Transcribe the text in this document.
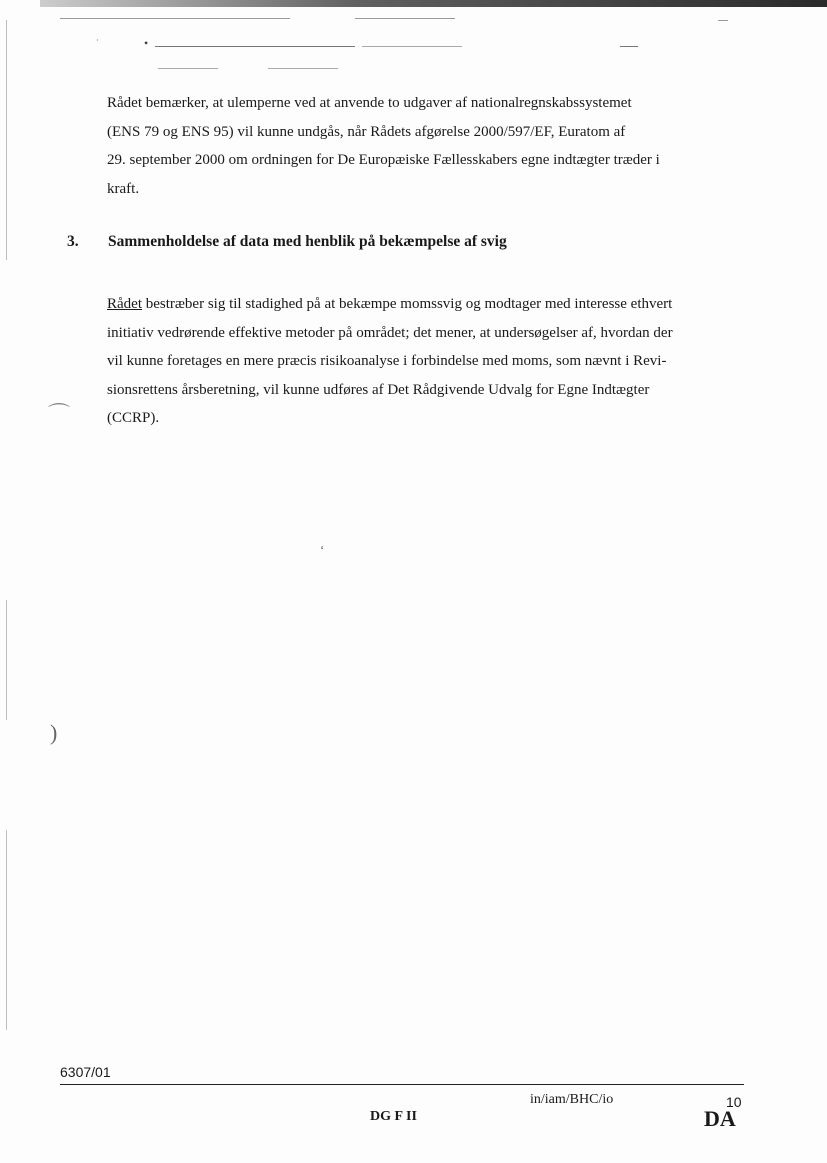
•
·
⌒
)
ʻ

Rådet bemærker, at ulemperne ved at anvende to udgaver af nationalregnskabssystemet
(ENS 79 og ENS 95) vil kunne undgås, når Rådets afgørelse 2000/597/EF, Euratom af
29. september 2000 om ordningen for De Europæiske Fællesskabers egne indtægter træder i
kraft.

3. Sammenholdelse af data med henblik på bekæmpelse af svig

Rådet bestræber sig til stadighed på at bekæmpe momssvig og modtager med interesse ethvert
initiativ vedrørende effektive metoder på området; det mener, at undersøgelser af, hvordan der
vil kunne foretages en mere præcis risikoanalyse i forbindelse med moms, som nævnt i Revi-
sionsrettens årsberetning, vil kunne udføres af Det Rådgivende Udvalg for Egne Indtægter
(CCRP).

6307/01
in/iam/BHC/io	10
DG F II	DA
